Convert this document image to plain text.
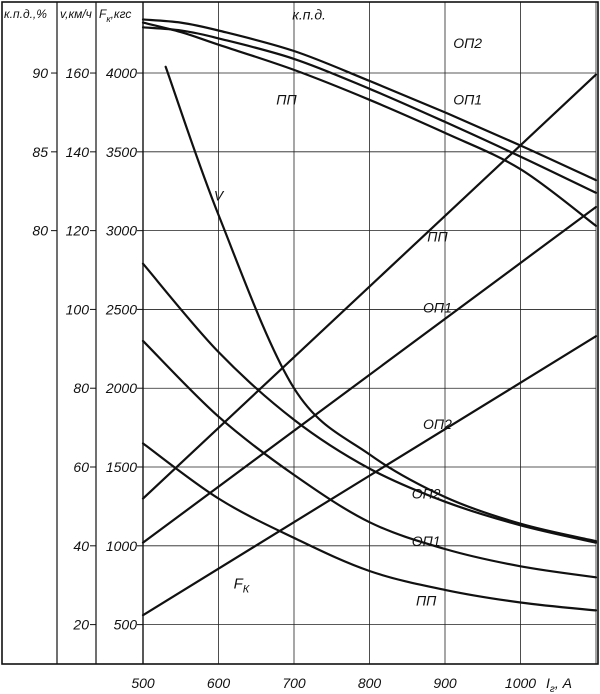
4000
3500
3000
2500
2000
1500
1000
500
160
140
120
100
80
60
40
20
90
85
80
500	600	700	800	900	1000
к.п.д.,% v,км/ч $F_к,кгс$
$I_г$, А
ОП2
ПП	ОП1
к.п.д.
V
ПП
ОП1
ОП2
ОП2
ОП1
ПП
$F_К$
